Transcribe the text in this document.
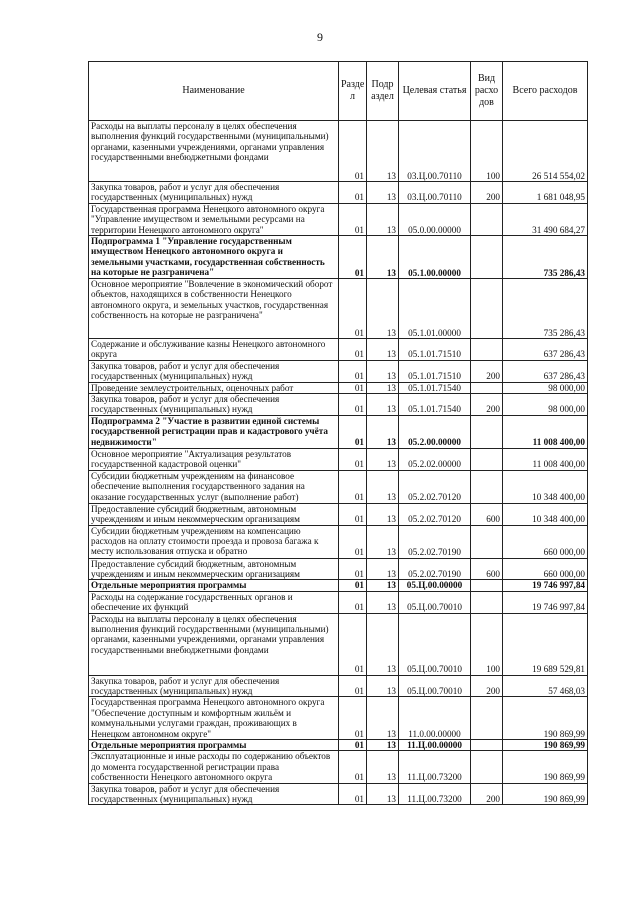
9
Наименование	Разде л	Подр аздел	Целевая статья	Вид расхо дов	Всего расходов
Расходы на выплаты персоналу в целях обеспечения выполнения функций государственными (муниципальными) органами, казенными учреждениями, органами управления государственными внебюджетными фондами	01	13	03.Ц.00.70110	100	26 514 554,02
Закупка товаров, работ и услуг для обеспечения государственных (муниципальных) нужд	01	13	03.Ц.00.70110	200	1 681 048,95
Государственная программа Ненецкого автономного округа "Управление имуществом и земельными ресурсами на территории Ненецкого автономного округа"	01	13	05.0.00.00000		31 490 684,27
Подпрограмма 1 "Управление государственным имуществом Ненецкого автономного округа и земельными участками, государственная собственность на которые не разграничена"	01	13	05.1.00.00000		735 286,43
Основное мероприятие "Вовлечение в экономический оборот объектов, находящихся в собственности Ненецкого автономного округа, и земельных участков, государственная собственность на которые не разграничена"	01	13	05.1.01.00000		735 286,43
Содержание и обслуживание казны Ненецкого автономного округа	01	13	05.1.01.71510		637 286,43
Закупка товаров, работ и услуг для обеспечения государственных (муниципальных) нужд	01	13	05.1.01.71510	200	637 286,43
Проведение землеустроительных, оценочных работ	01	13	05.1.01.71540		98 000,00
Закупка товаров, работ и услуг для обеспечения государственных (муниципальных) нужд	01	13	05.1.01.71540	200	98 000,00
Подпрограмма 2 "Участие в развитии единой системы государственной регистрации прав и кадастрового учёта недвижимости"	01	13	05.2.00.00000		11 008 400,00
Основное мероприятие "Актуализация результатов государственной кадастровой оценки"	01	13	05.2.02.00000		11 008 400,00
Субсидии бюджетным учреждениям на финансовое обеспечение выполнения государственного задания на оказание государственных услуг (выполнение работ)	01	13	05.2.02.70120		10 348 400,00
Предоставление субсидий бюджетным, автономным учреждениям и иным некоммерческим организациям	01	13	05.2.02.70120	600	10 348 400,00
Субсидии бюджетным учреждениям на компенсацию расходов на оплату стоимости проезда и провоза багажа к месту использования отпуска и обратно	01	13	05.2.02.70190		660 000,00
Предоставление субсидий бюджетным, автономным учреждениям и иным некоммерческим организациям	01	13	05.2.02.70190	600	660 000,00
Отдельные мероприятия программы	01	13	05.Ц.00.00000		19 746 997,84
Расходы на содержание государственных органов и обеспечение их функций	01	13	05.Ц.00.70010		19 746 997,84
Расходы на выплаты персоналу в целях обеспечения выполнения функций государственными (муниципальными) органами, казенными учреждениями, органами управления государственными внебюджетными фондами	01	13	05.Ц.00.70010	100	19 689 529,81
Закупка товаров, работ и услуг для обеспечения государственных (муниципальных) нужд	01	13	05.Ц.00.70010	200	57 468,03
Государственная программа Ненецкого автономного округа "Обеспечение доступным и комфортным жильём и коммунальными услугами граждан, проживающих в Ненецком автономном округе"	01	13	11.0.00.00000		190 869,99
Отдельные мероприятия программы	01	13	11.Ц.00.00000		190 869,99
Эксплуатационные и иные расходы по содержанию объектов до момента государственной регистрации права собственности Ненецкого автономного округа	01	13	11.Ц.00.73200		190 869,99
Закупка товаров, работ и услуг для обеспечения государственных (муниципальных) нужд	01	13	11.Ц.00.73200	200	190 869,99
